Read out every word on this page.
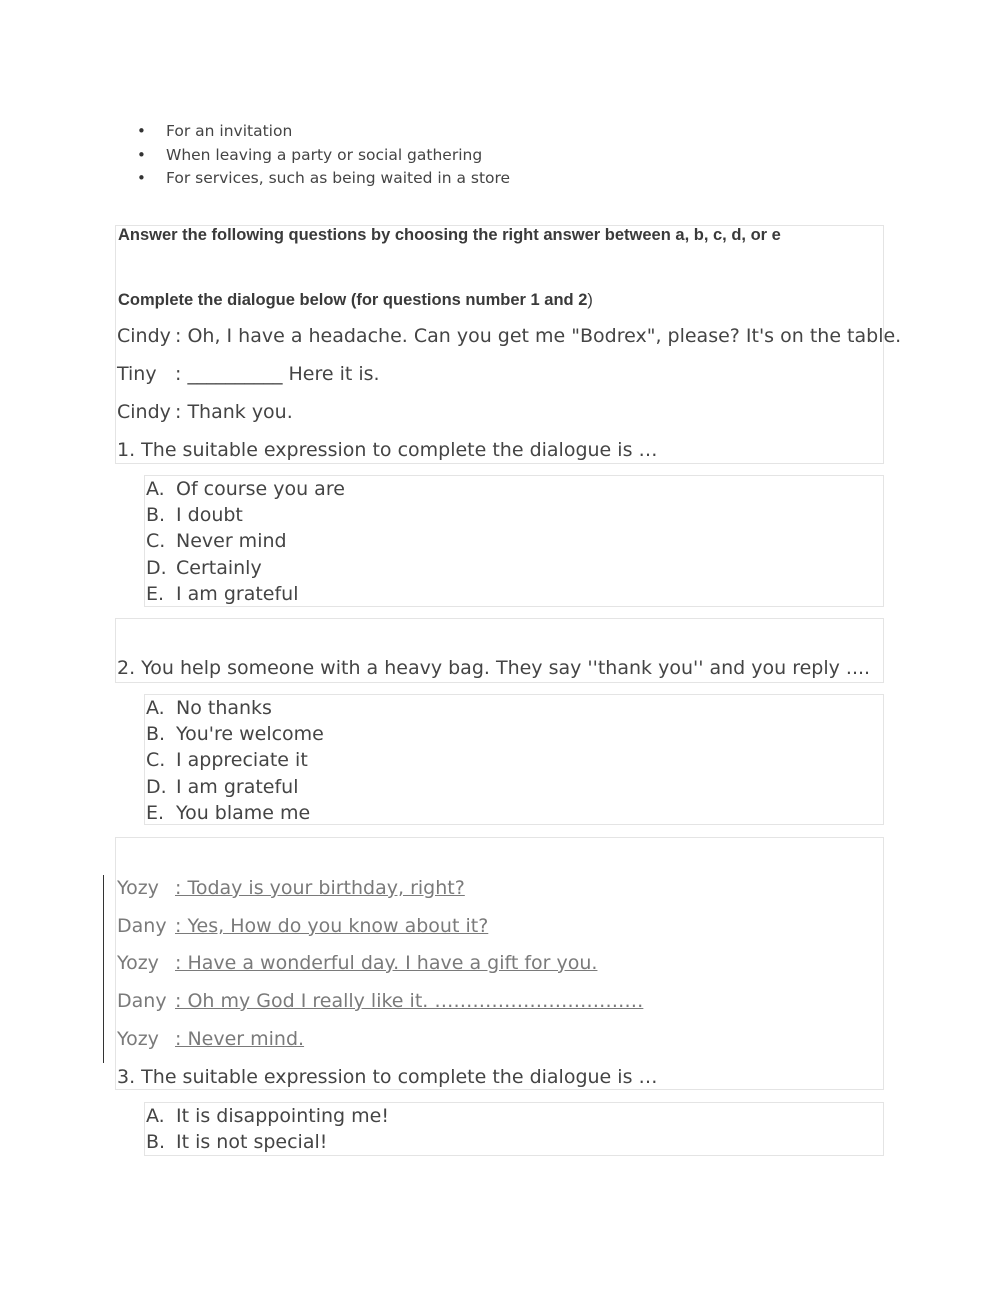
• For an invitation
• When leaving a party or social gathering
• For services, such as being waited in a store
Answer the following questions by choosing the right answer between a, b, c, d, or e
Complete the dialogue below (for questions number 1 and 2)
Cindy : Oh, I have a headache. Can you get me "Bodrex", please? It's on the table.
Tiny : __________ Here it is.
Cindy : Thank you.
1. The suitable expression to complete the dialogue is …
A. Of course you are
B. I doubt
C. Never mind
D. Certainly
E. I am grateful
2. You help someone with a heavy bag. They say ''thank you'' and you reply ....
A. No thanks
B. You're welcome
C. I appreciate it
D. I am grateful
E. You blame me
Yozy : Today is your birthday, right?
Dany : Yes, How do you know about it?
Yozy : Have a wonderful day. I have a gift for you.
Dany : Oh my God I really like it. ……………………………
Yozy : Never mind.
3. The suitable expression to complete the dialogue is …
A. It is disappointing me!
B. It is not special!
